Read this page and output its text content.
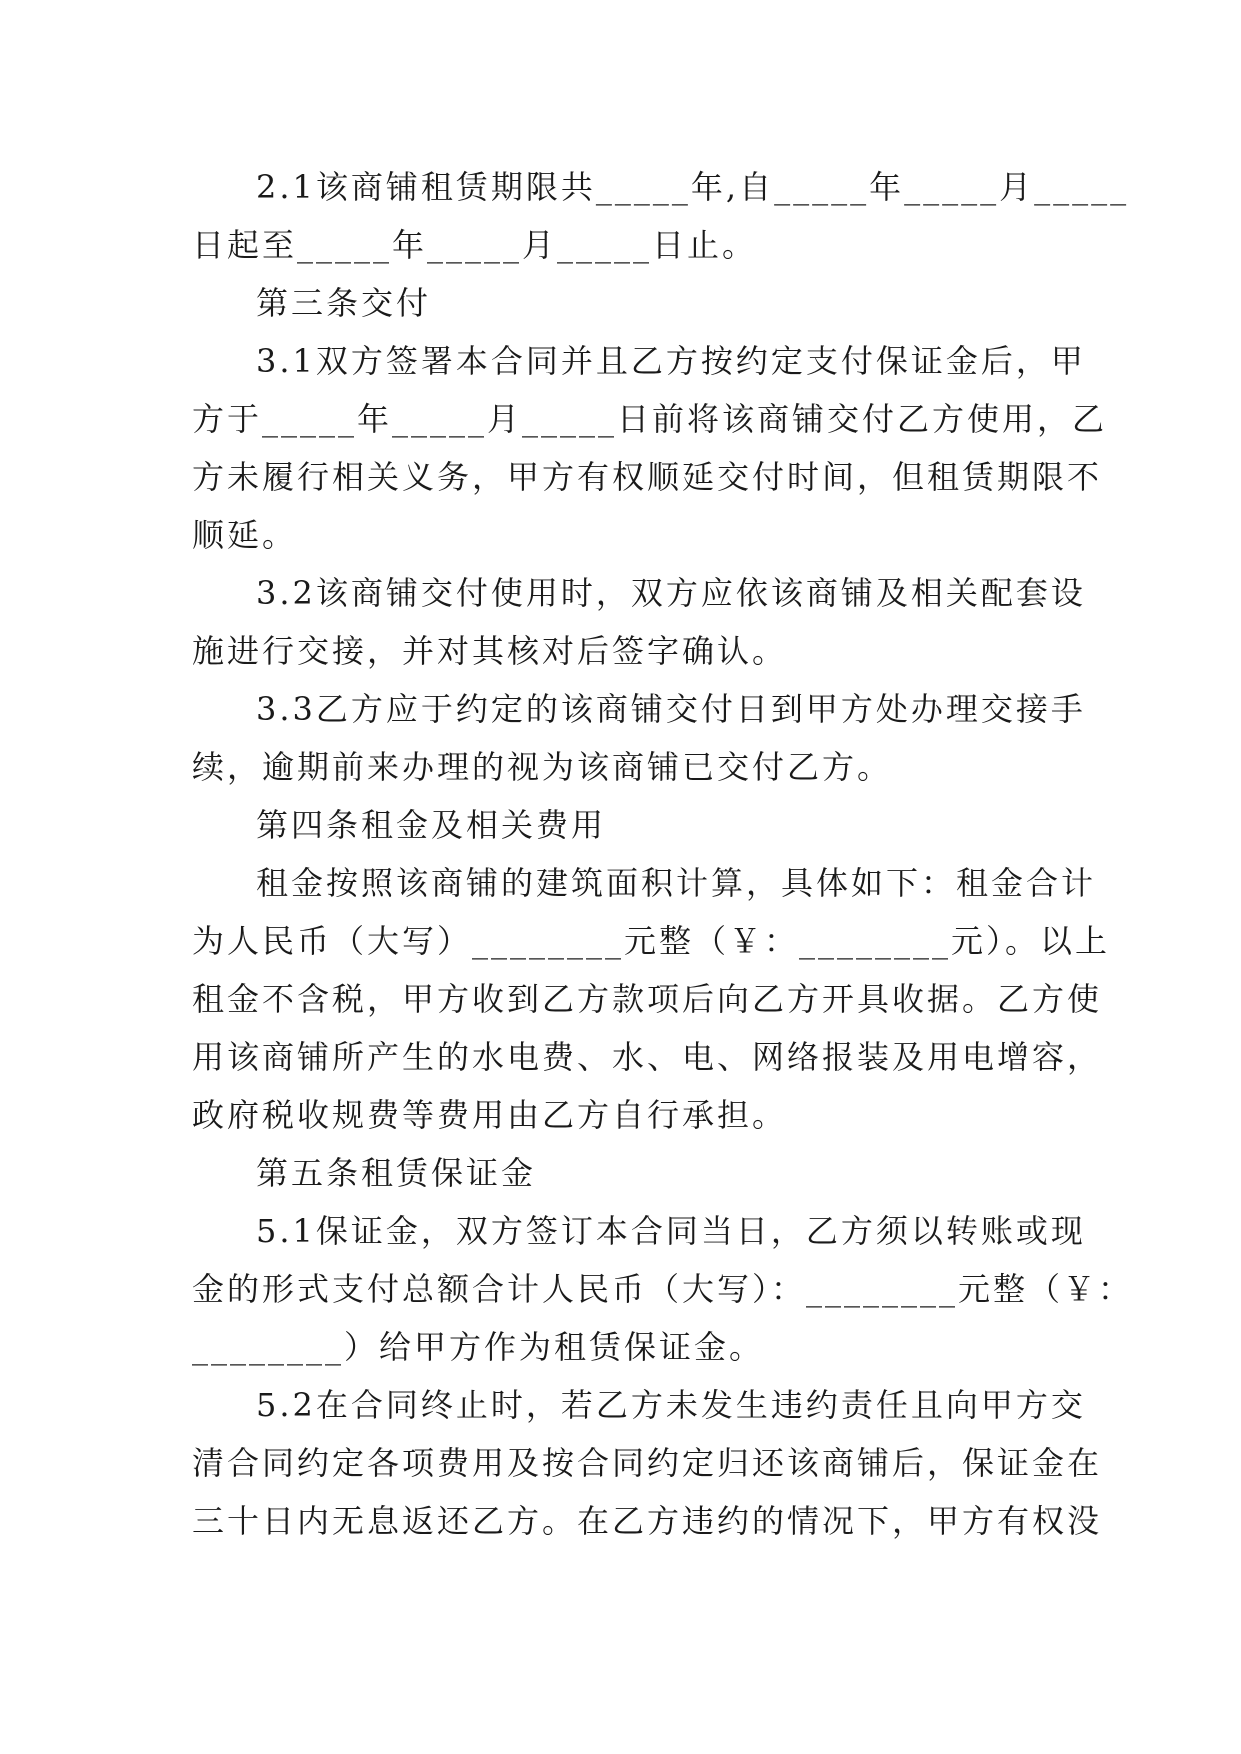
2.1该商铺租赁期限共_____年,自_____年_____月_____
日起至_____年_____月_____日止。
第三条交付
3.1双方签署本合同并且乙方按约定支付保证金后，甲
方于_____年_____月_____日前将该商铺交付乙方使用，乙
方未履行相关义务，甲方有权顺延交付时间，但租赁期限不
顺延。
3.2该商铺交付使用时，双方应依该商铺及相关配套设
施进行交接，并对其核对后签字确认。
3.3乙方应于约定的该商铺交付日到甲方处办理交接手
续，逾期前来办理的视为该商铺已交付乙方。
第四条租金及相关费用
租金按照该商铺的建筑面积计算，具体如下：租金合计
为人民币（大写）________元整（￥：________元）。以上
租金不含税，甲方收到乙方款项后向乙方开具收据。乙方使
用该商铺所产生的水电费、水、电、网络报装及用电增容，
政府税收规费等费用由乙方自行承担。
第五条租赁保证金
5.1保证金，双方签订本合同当日，乙方须以转账或现
金的形式支付总额合计人民币（大写）：________元整（￥：
________）给甲方作为租赁保证金。
5.2在合同终止时，若乙方未发生违约责任且向甲方交
清合同约定各项费用及按合同约定归还该商铺后，保证金在
三十日内无息返还乙方。在乙方违约的情况下，甲方有权没
